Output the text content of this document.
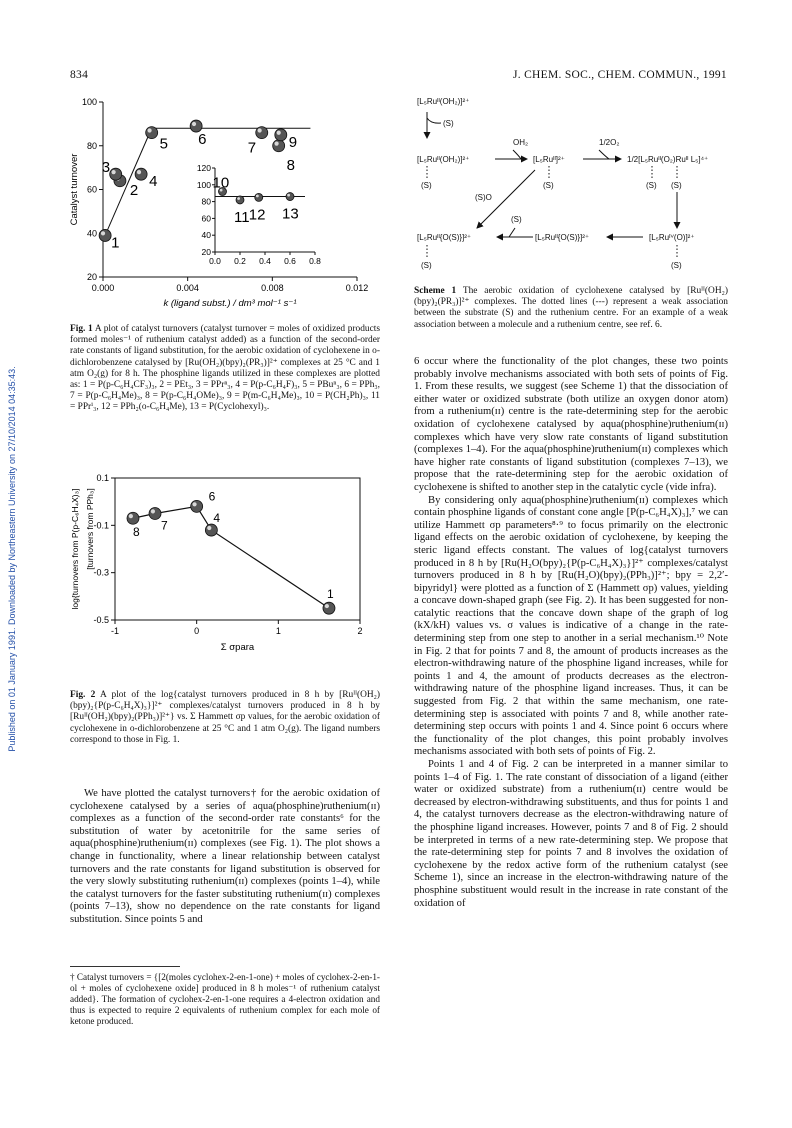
834	J. CHEM. SOC., CHEM. COMMUN., 1991
Published on 01 January 1991. Downloaded by Northeastern University on 27/10/2014 04:35:43.
100
80
60
40
20
0.000	0.004	0.008	0.012
Catalyst turnover
k (ligand subst.) / dm³ mol⁻¹ s⁻¹
120
100
80
60
40
20
0.0 0.2 0.4 0.6 0.8
1
2
3
4
5 6
7
8
9
10
11 12 13
Fig. 1 A plot of catalyst turnovers (catalyst turnover = moles of oxidized products formed moles⁻¹ of ruthenium catalyst added) as a function of the second-order rate constants of ligand substitution, for the aerobic oxidation of cyclohexene in o-dichlorobenzene catalysed by [Ru(OH₂)(bpy)₂(PR₃)]²⁺ complexes at 25 °C and 1 atm O₂(g) for 8 h. The phosphine ligands utilized in these complexes are plotted as: 1 = P(p-C₆H₄CF₃)₃, 2 = PEt₃, 3 = PPrⁿ₃, 4 = P(p-C₆H₄F)₃, 5 = PBuⁿ₃, 6 = PPh₃, 7 = P(p-C₆H₄Me)₃, 8 = P(p-C₆H₄OMe)₃, 9 = P(m-C₆H₄Me)₃, 10 = P(CH₂Ph)₃, 11 = PPrⁱ₃, 12 = PPh₂(o-C₆H₄Me), 13 = P(Cyclohexyl)₃.
0.1
-0.1
-0.3
-0.5
-1	0	1	2
log{turnovers from P(p-C₆H₄X)₃] [turnovers from PPh₃]
Σ σpara
8 7
6
4
1
Fig. 2 A plot of the log{catalyst turnovers produced in 8 h by [Ruᴵᴵ(OH₂)(bpy)₂{P(p-C₆H₄X)₃}]²⁺ complexes/catalyst turnovers produced in 8 h by [Ruᴵᴵ(OH₂)(bpy)₂(PPh₃)]²⁺} vs. Σ Hammett σp values, for the aerobic oxidation of cyclohexene in o-dichlorobenzene at 25 °C and 1 atm O₂(g). The ligand numbers correspond to those in Fig. 1.

We have plotted the catalyst turnovers† for the aerobic oxidation of cyclohexene catalysed by a series of aqua(phosphine)ruthenium(ɪɪ) complexes as a function of the second-order rate constants⁶ for the substitution of water by acetonitrile for the same series of aqua(phosphine)ruthenium(ɪɪ) complexes (see Fig. 1). The plot shows a change in functionality, where a linear relationship between catalyst turnovers and the rate constants for ligand substitution is observed for the very slowly substituting ruthenium(ɪɪ) complexes (points 1–4), while the catalyst turnovers for the faster substituting ruthenium(ɪɪ) complexes (points 7–13), show no dependence on the rate constants for ligand substitution. Since points 5 and

† Catalyst turnovers = {[2(moles cyclohex-2-en-1-one) + moles of cyclohex-2-en-1-ol + moles of cyclohexene oxide] produced in 8 h moles⁻¹ of ruthenium catalyst added}. The formation of cyclohex-2-en-1-one requires a 4-electron oxidation and thus is expected to require 2 equivalents of ruthenium complex for each mole of ketone produced.
[L₅Ruᴵᴵ(OH₂)]²⁺
(S)
OH₂	1/2O₂
[L₅Ruᴵᴵ(OH₂)]²⁺	[L₅Ruᴵᴵ]²⁺	1/2[L₅Ruᴵᴵ(O₂)Ruᴵᴵ L₅]⁴⁺
(S)	(S)	(S) (S)
(S)O
[L₅Ruᴵᴵ{O(S)}]²⁺
(S)
[L₅Ruᴵᴵ{O(S)}]²⁺	[L₅Ruᴵⱽ(O)]²⁺
(S)	(S)
Scheme 1 The aerobic oxidation of cyclohexene catalysed by [Ruᴵᴵ(OH₂)(bpy)₂(PR₃)]²⁺ complexes. The dotted lines (---) represent a weak association between the substrate (S) and the ruthenium centre. For an example of a weak association between a molecule and a ruthenium centre, see ref. 6.

6 occur where the functionality of the plot changes, these two points probably involve mechanisms associated with both sets of points of Fig. 1. From these results, we suggest (see Scheme 1) that the dissociation of either water or oxidized substrate (both utilize an oxygen donor atom) from a ruthenium(ɪɪ) centre is the rate-determining step for the aerobic oxidation of cyclohexene catalysed by aqua(phosphine)ruthenium(ɪɪ) complexes which have very slow rate constants of ligand substitution (complexes 1–4). For the aqua(phosphine)ruthenium(ɪɪ) complexes which have higher rate constants of ligand substitution (complexes 7–13), we propose that the rate-determining step for the aerobic oxidation of cyclohexene is shifted to another step in the catalytic cycle (vide infra).

By considering only aqua(phosphine)ruthenium(ɪɪ) complexes which contain phosphine ligands of constant cone angle [P(p-C₆H₄X)₃],⁷ we can utilize Hammett σp parameters⁸·⁹ to focus primarily on the electronic ligand effects on the aerobic oxidation of cyclohexene, by keeping the steric ligand effects constant. The values of log{catalyst turnovers produced in 8 h by [Ru(H₂O(bpy)₂{P(p-C₆H₄X)₃}]²⁺ complexes/catalyst turnovers produced in 8 h by [Ru(H₂O)(bpy)₂(PPh₃)]²⁺; bpy = 2,2′-bipyridyl} were plotted as a function of Σ (Hammett σp) values, yielding a concave down-shaped graph (see Fig. 2). It has been suggested for non-catalytic reactions that the concave down shape of the graph of log (kX/kH) values vs. σ values is indicative of a change in the rate-determining step from one step to another in a serial mechanism.¹⁰ Note in Fig. 2 that for points 7 and 8, the amount of products increases as the electron-withdrawing nature of the phosphine ligand increases, while for points 1 and 4, the amount of products decreases as the electron-withdrawing nature of the phosphine ligand increases. Thus, it can be suggested from Fig. 2 that within the same mechanism, one rate-determining step is associated with points 7 and 8, while another rate-determining step occurs with points 1 and 4. Since point 6 occurs where the functionality of the plot changes, this point probably involves mechanisms associated with both sets of points of Fig. 2.

Points 1 and 4 of Fig. 2 can be interpreted in a manner similar to points 1–4 of Fig. 1. The rate constant of dissociation of a ligand (either water or oxidized substrate) from a ruthenium(ɪɪ) centre would be decreased by electron-withdrawing substituents, and thus for points 1 and 4, the catalyst turnovers decrease as the electron-withdrawing nature of the phosphine ligand increases. However, points 7 and 8 of Fig. 2 should be interpreted in terms of a new rate-determining step. We propose that the rate-determining step for points 7 and 8 involves the oxidation of cyclohexene by the redox active form of the ruthenium catalyst (see Scheme 1), since an increase in the electron-withdrawing nature of the phosphine substituent would result in the increase in rate constant of the oxidation of
